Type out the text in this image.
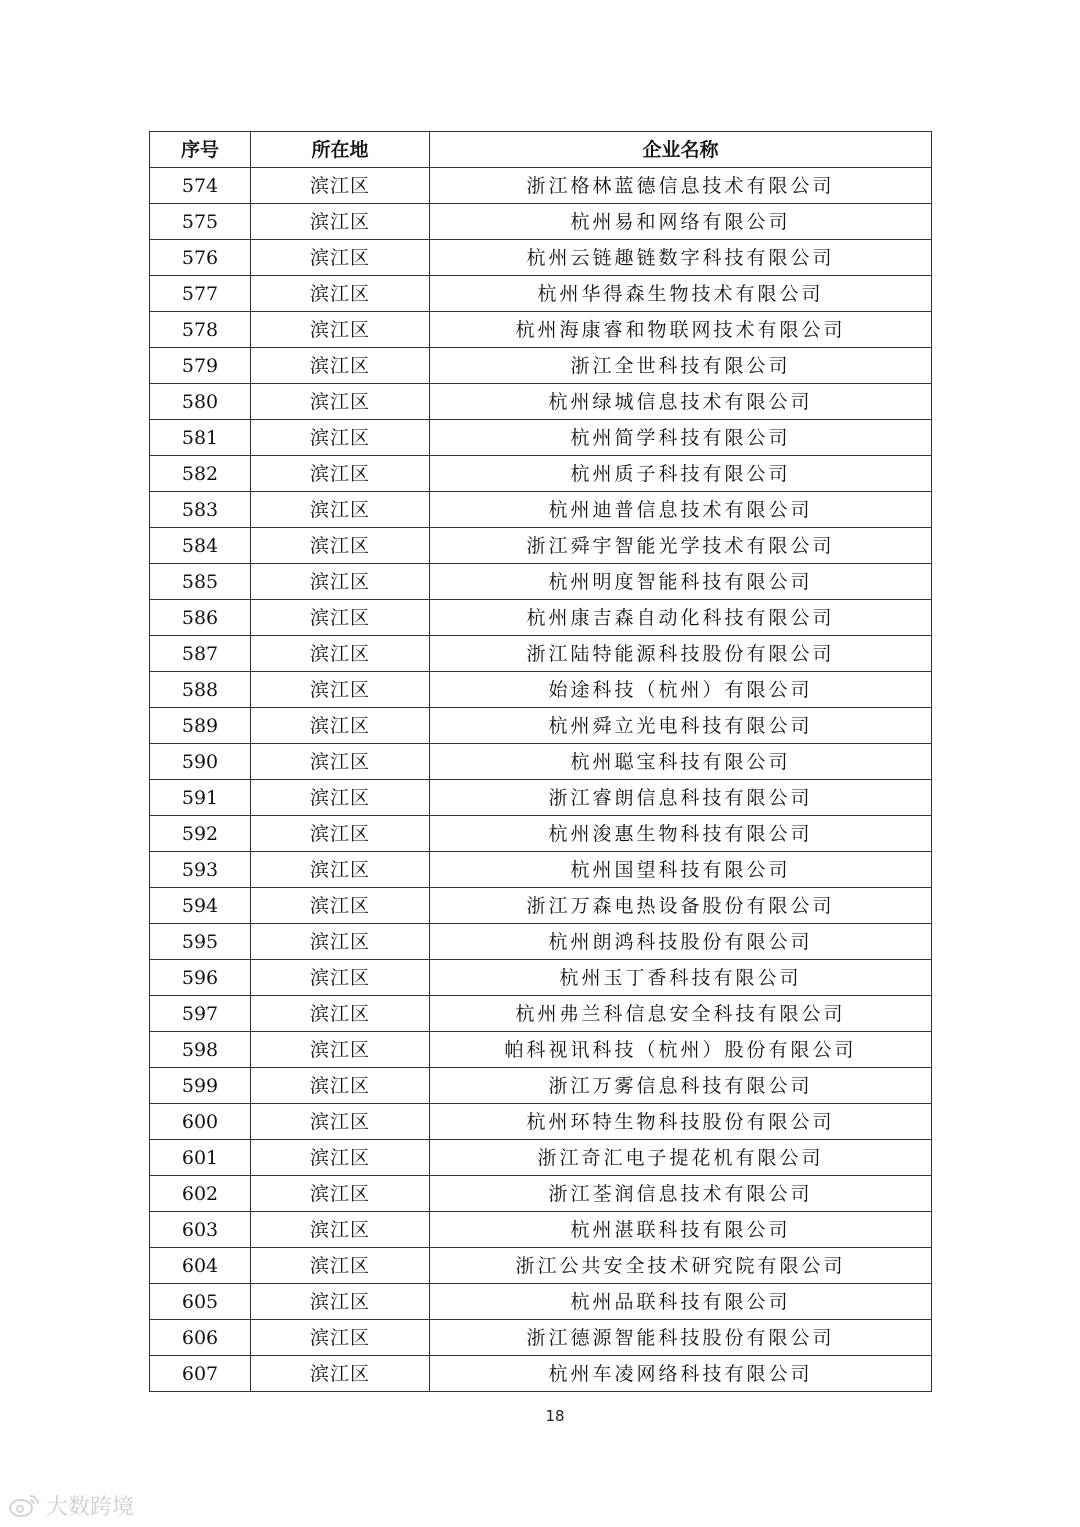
序号	所在地	企业名称
574	滨江区	浙江格林蓝德信息技术有限公司
575	滨江区	杭州易和网络有限公司
576	滨江区	杭州云链趣链数字科技有限公司
577	滨江区	杭州华得森生物技术有限公司
578	滨江区	杭州海康睿和物联网技术有限公司
579	滨江区	浙江全世科技有限公司
580	滨江区	杭州绿城信息技术有限公司
581	滨江区	杭州简学科技有限公司
582	滨江区	杭州质子科技有限公司
583	滨江区	杭州迪普信息技术有限公司
584	滨江区	浙江舜宇智能光学技术有限公司
585	滨江区	杭州明度智能科技有限公司
586	滨江区	杭州康吉森自动化科技有限公司
587	滨江区	浙江陆特能源科技股份有限公司
588	滨江区	始途科技（杭州）有限公司
589	滨江区	杭州舜立光电科技有限公司
590	滨江区	杭州聪宝科技有限公司
591	滨江区	浙江睿朗信息科技有限公司
592	滨江区	杭州浚惠生物科技有限公司
593	滨江区	杭州国望科技有限公司
594	滨江区	浙江万森电热设备股份有限公司
595	滨江区	杭州朗鸿科技股份有限公司
596	滨江区	杭州玉丁香科技有限公司
597	滨江区	杭州弗兰科信息安全科技有限公司
598	滨江区	帕科视讯科技（杭州）股份有限公司
599	滨江区	浙江万雾信息科技有限公司
600	滨江区	杭州环特生物科技股份有限公司
601	滨江区	浙江奇汇电子提花机有限公司
602	滨江区	浙江荃润信息技术有限公司
603	滨江区	杭州湛联科技有限公司
604	滨江区	浙江公共安全技术研究院有限公司
605	滨江区	杭州品联科技有限公司
606	滨江区	浙江德源智能科技股份有限公司
607	滨江区	杭州车凌网络科技有限公司
18
大数跨境
